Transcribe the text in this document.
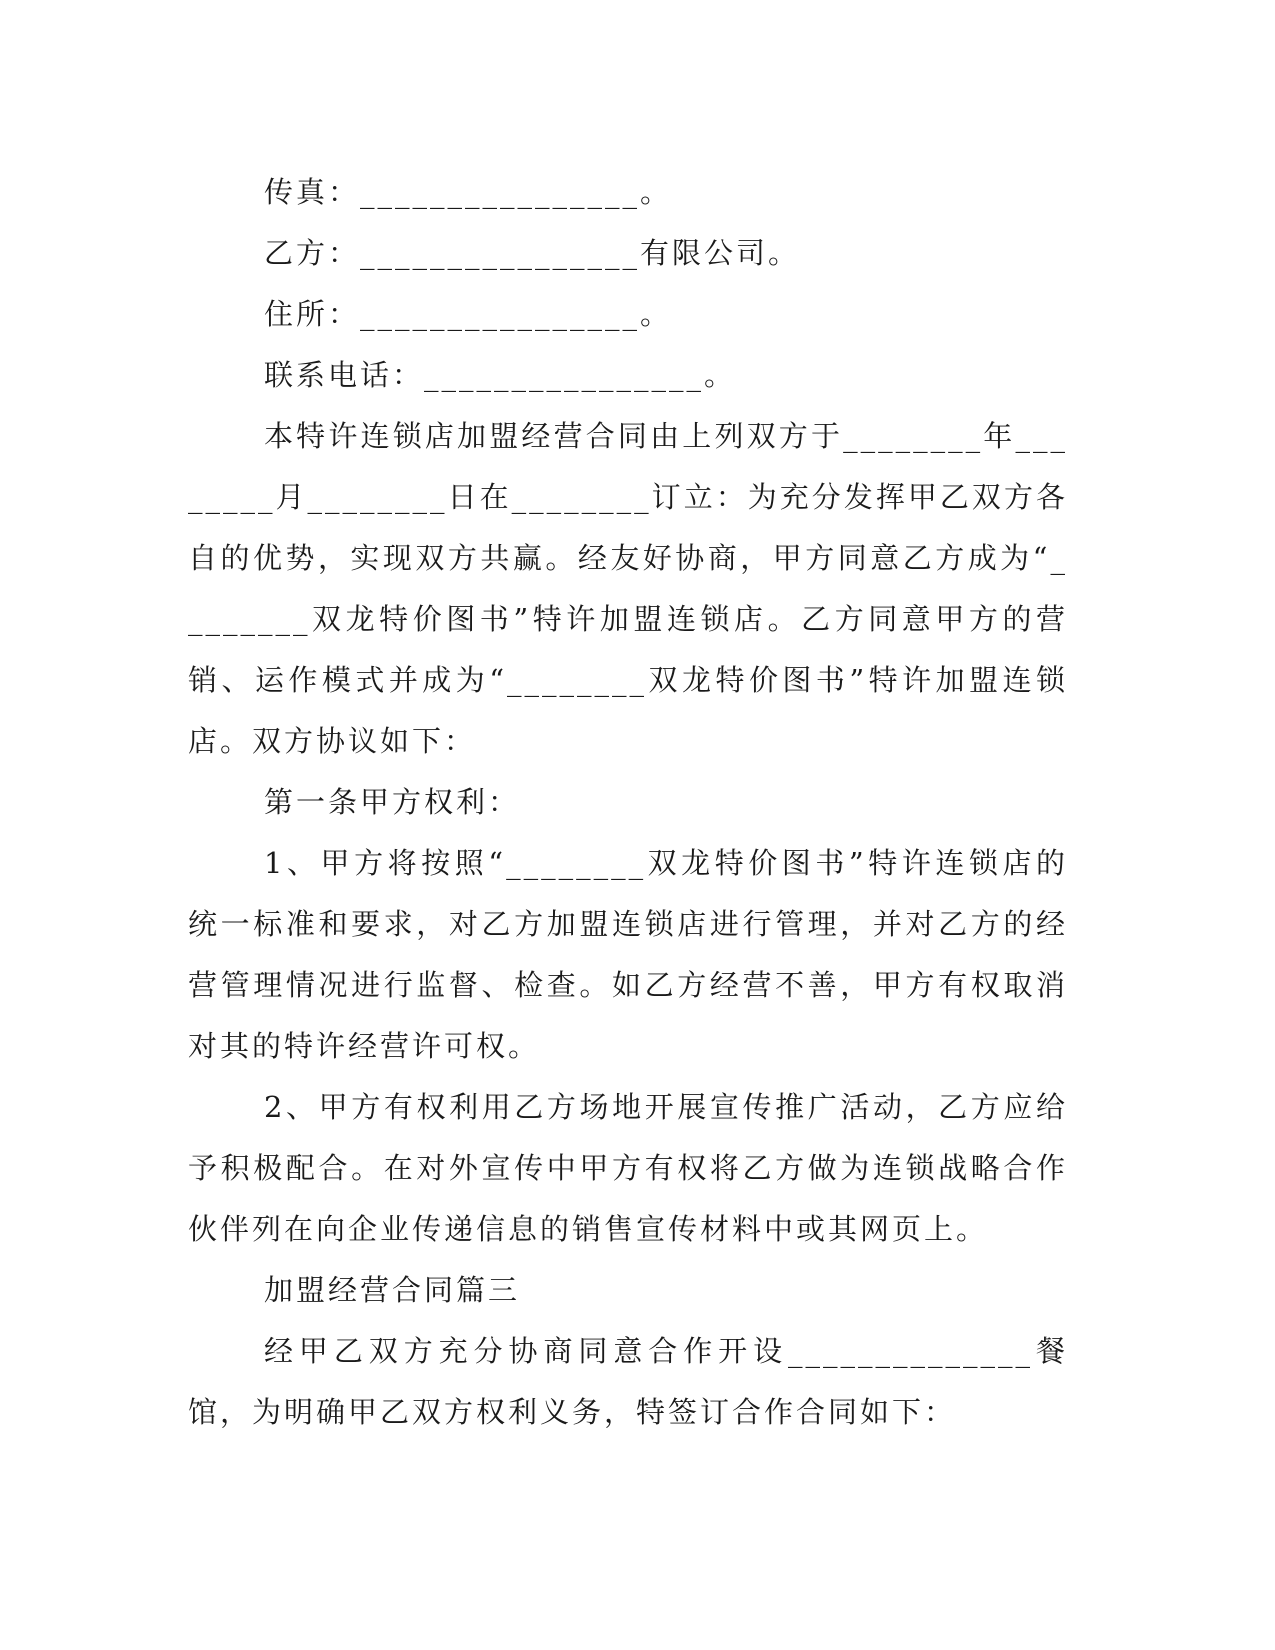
传真：________________。

乙方：________________有限公司。

住所：________________。

联系电话：________________。

本特许连锁店加盟经营合同由上列双方于________年________月________日在________订立：为充分发挥甲乙双方各自的优势，实现双方共赢。经友好协商，甲方同意乙方成为“________双龙特价图书”特许加盟连锁店。乙方同意甲方的营销、运作模式并成为“________双龙特价图书”特许加盟连锁店。双方协议如下：

第一条甲方权利：

1、甲方将按照“________双龙特价图书”特许连锁店的统一标准和要求，对乙方加盟连锁店进行管理，并对乙方的经营管理情况进行监督、检查。如乙方经营不善，甲方有权取消对其的特许经营许可权。

2、甲方有权利用乙方场地开展宣传推广活动，乙方应给予积极配合。在对外宣传中甲方有权将乙方做为连锁战略合作伙伴列在向企业传递信息的销售宣传材料中或其网页上。

加盟经营合同篇三

经甲乙双方充分协商同意合作开设______________餐馆，为明确甲乙双方权利义务，特签订合作合同如下：
